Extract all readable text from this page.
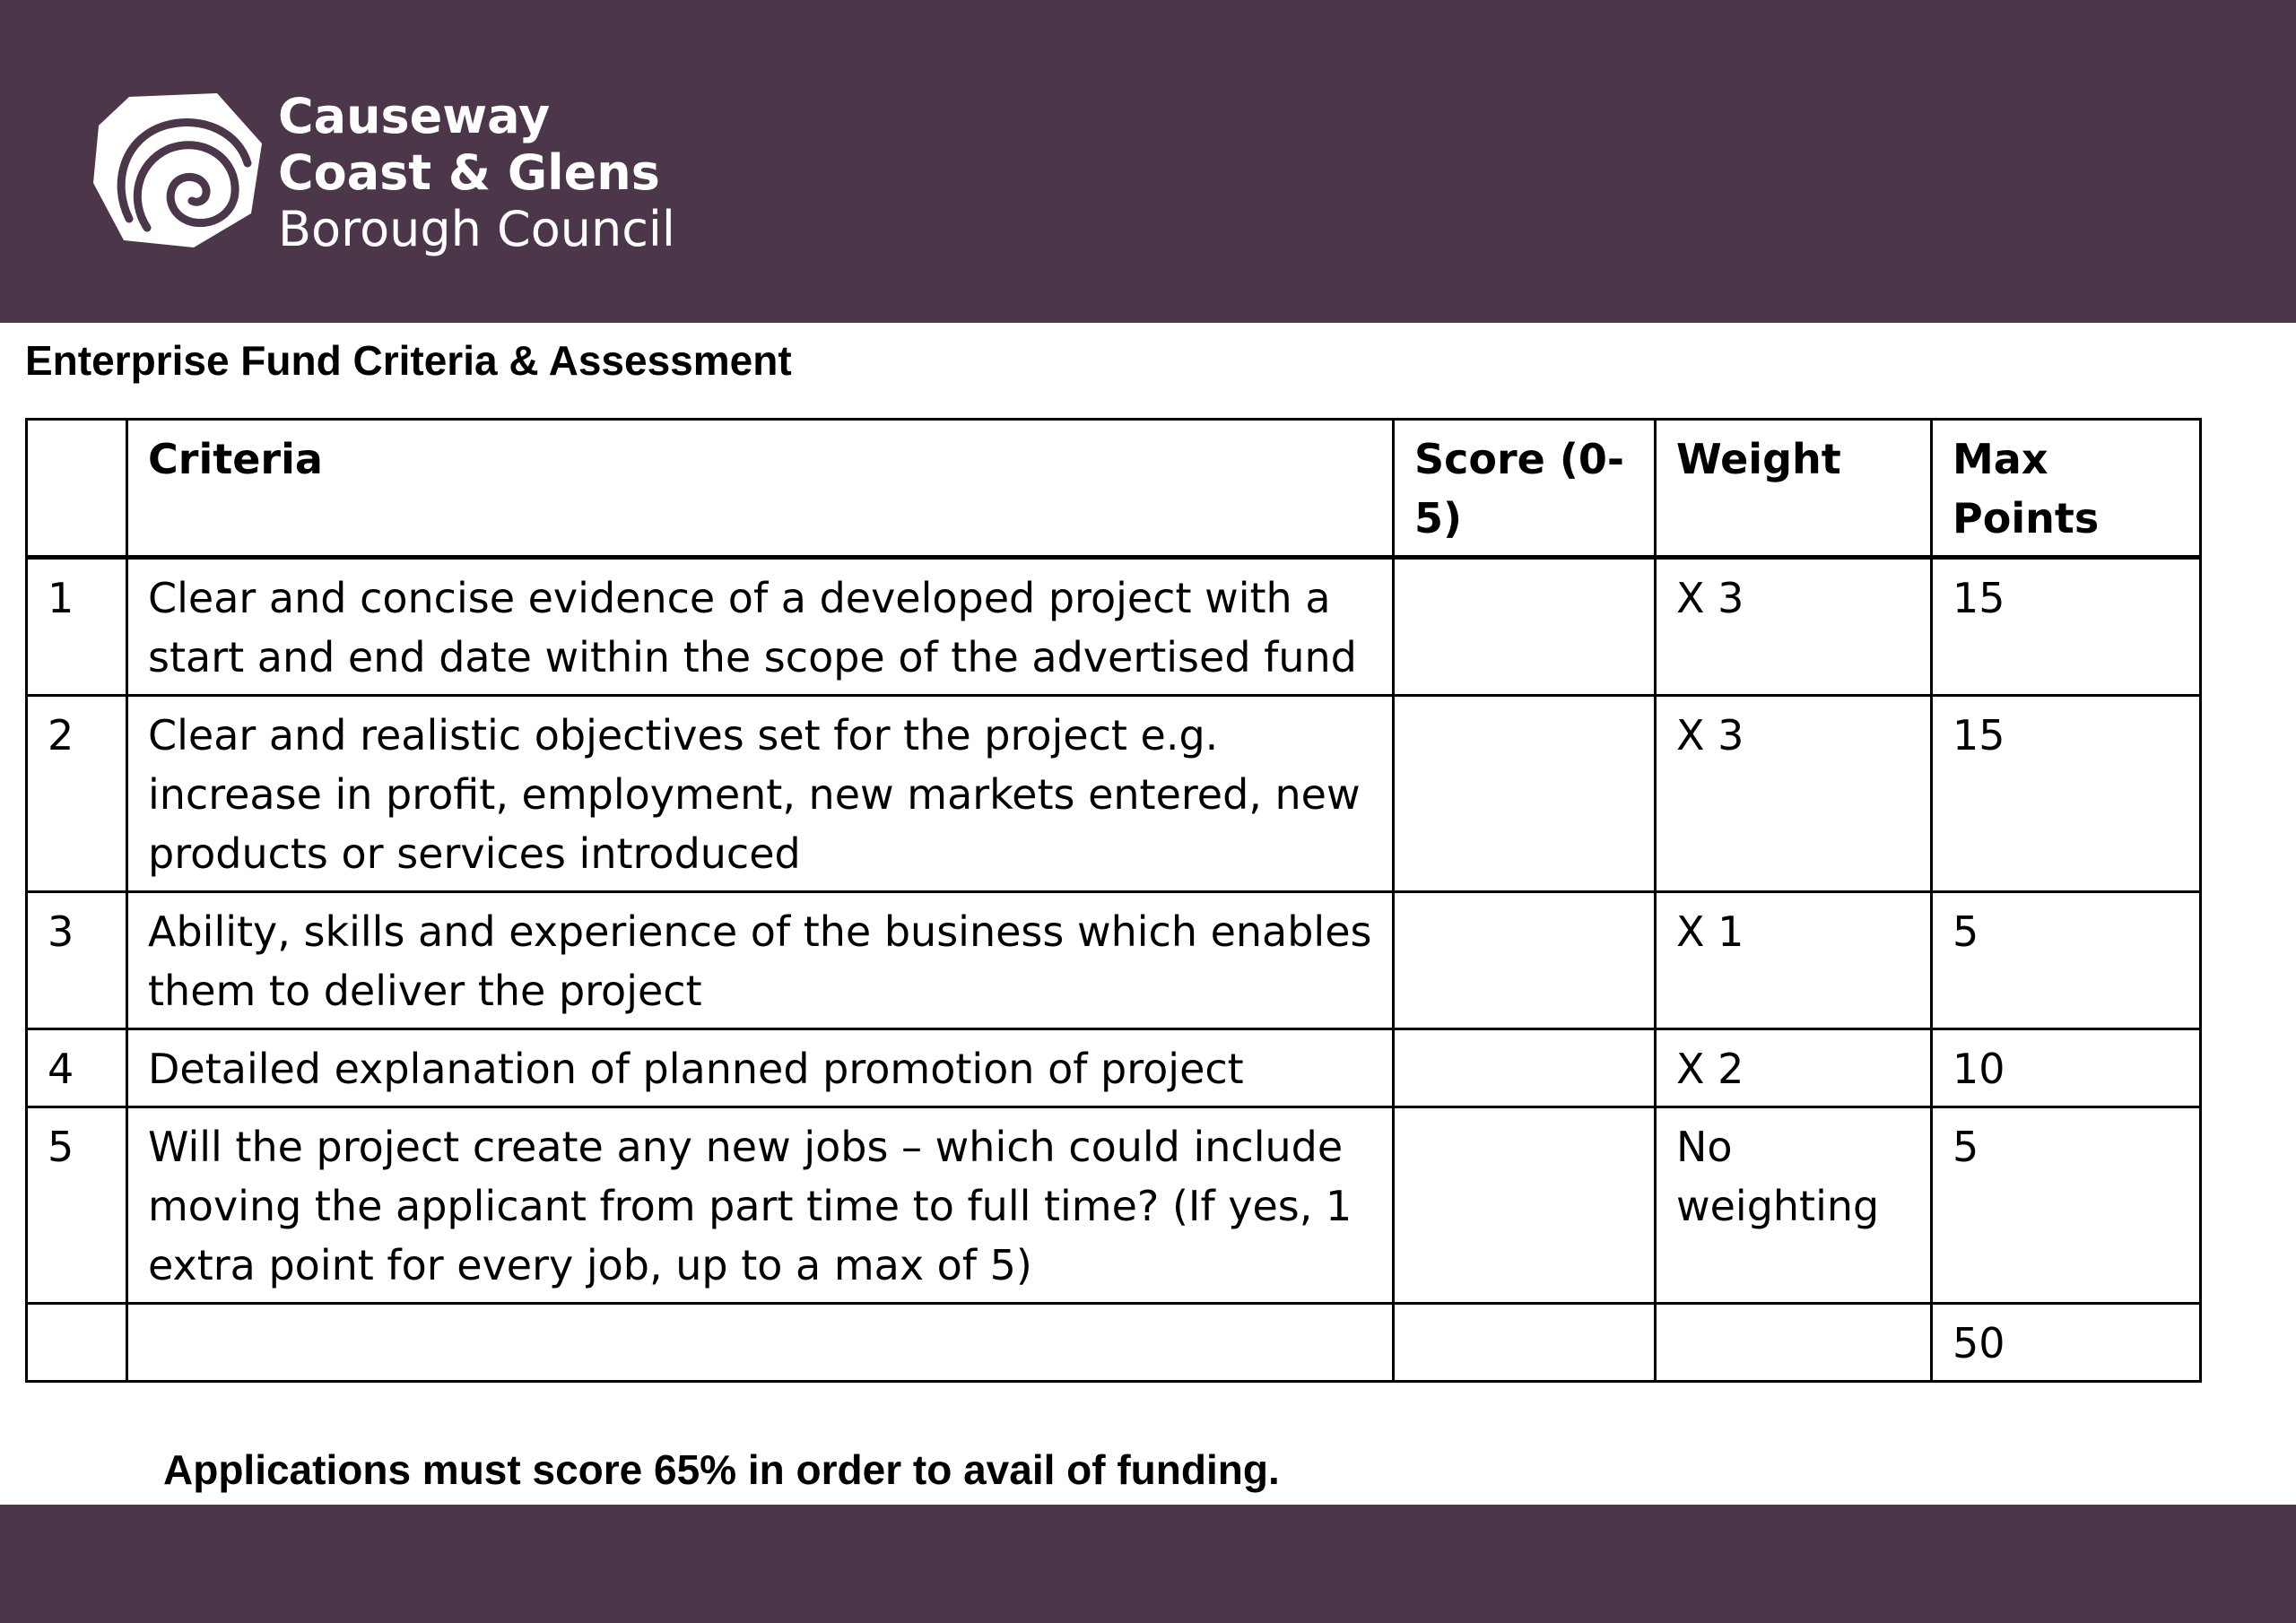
Causeway
Coast & Glens
Borough Council
Enterprise Fund Criteria & Assessment
	Criteria	Score (0-5)	Weight	Max Points
1	Clear and concise evidence of a developed project with a start and end date within the scope of the advertised fund		X 3	15
2	Clear and realistic objectives set for the project e.g. increase in profit, employment, new markets entered, new products or services introduced		X 3	15
3	Ability, skills and experience of the business which enables them to deliver the project		X 1	5
4	Detailed explanation of planned promotion of project		X 2	10
5	Will the project create any new jobs – which could include moving the applicant from part time to full time? (If yes, 1 extra point for every job, up to a max of 5)		No weighting	5
				50
Applications must score 65% in order to avail of funding.
